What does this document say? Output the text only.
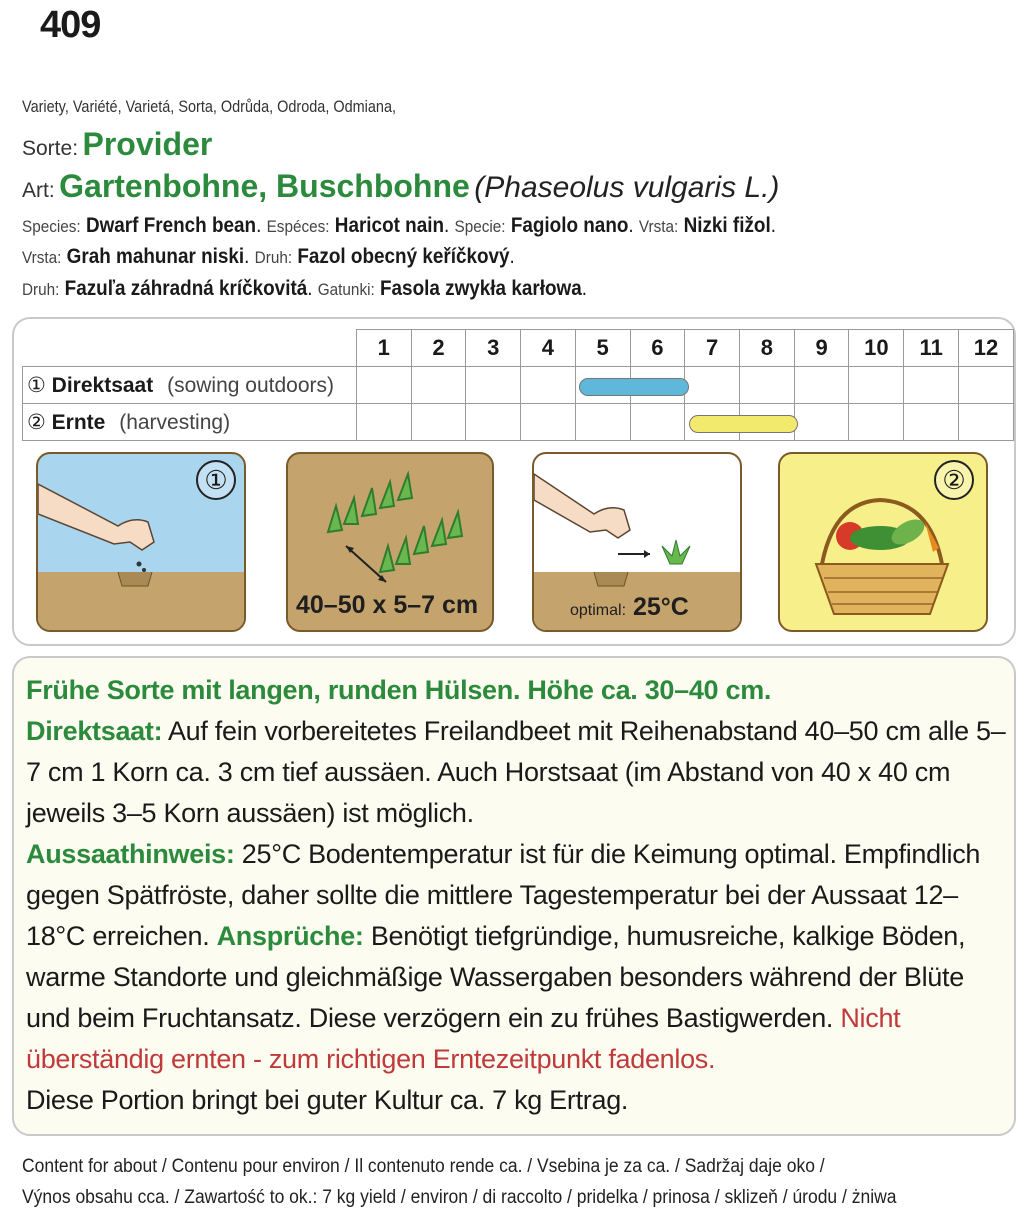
409
Variety, Variété, Varietá, Sorta, Odrůda, Odroda, Odmiana,
Sorte: Provider
Art: Gartenbohne, Buschbohne (Phaseolus vulgaris L.)
Species: Dwarf French bean. Espéces: Haricot nain. Specie: Fagiolo nano. Vrsta: Nizki fižol.
Vrsta: Grah mahunar niski. Druh: Fazol obecný keříčkový.
Druh: Fazuľa záhradná kríčkovitá. Gatunki: Fasola zwykła karłowa.
	1	2	3	4	5	6	7	8	9	10	11	12
① Direktsaat (sowing outdoors)												
② Ernte (harvesting)												
①
40–50 x 5–7 cm	optimal: 25°C
②
Frühe Sorte mit langen, runden Hülsen. Höhe ca. 30–40 cm.
Direktsaat: Auf fein vorbereitetes Freilandbeet mit Reihenabstand 40–50 cm alle 5–7 cm 1 Korn ca. 3 cm tief aussäen. Auch Horstsaat (im Abstand von 40 x 40 cm jeweils 3–5 Korn aussäen) ist möglich.
Aussaathinweis: 25°C Bodentemperatur ist für die Keimung optimal. Empfindlich gegen Spätfröste, daher sollte die mittlere Tagestemperatur bei der Aussaat 12–18°C erreichen. Ansprüche: Benötigt tiefgründige, humusreiche, kalkige Böden, warme Standorte und gleichmäßige Wassergaben besonders während der Blüte und beim Fruchtansatz. Diese verzögern ein zu frühes Bastigwerden. Nicht überständig ernten - zum richtigen Erntezeitpunkt fadenlos.
Diese Portion bringt bei guter Kultur ca. 7 kg Ertrag.
Content for about / Contenu pour environ / Il contenuto rende ca. / Vsebina je za ca. / Sadržaj daje oko /
Výnos obsahu cca. / Zawartość to ok.: 7 kg yield / environ / di raccolto / pridelka / prinosa / sklizeň / úrodu / żniwa
